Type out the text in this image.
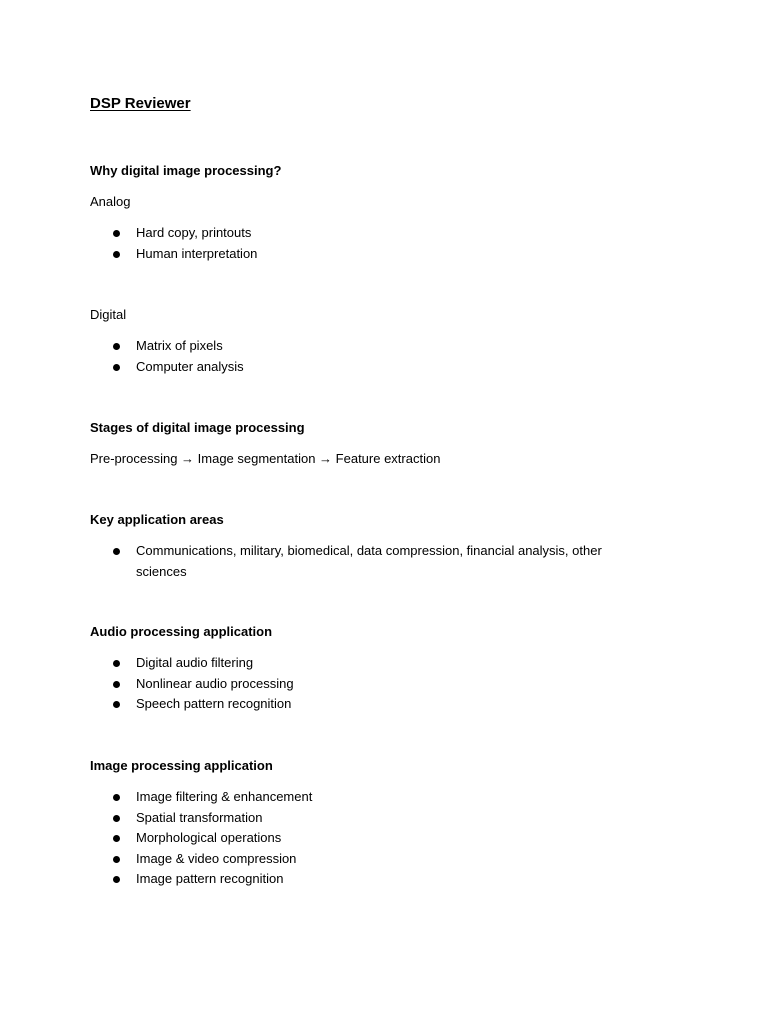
DSP Reviewer
Why digital image processing?
Analog
Hard copy, printouts
Human interpretation
Digital
Matrix of pixels
Computer analysis
Stages of digital image processing
Pre-processing → Image segmentation → Feature extraction
Key application areas
Communications, military, biomedical, data compression, financial analysis, other sciences
Audio processing application
Digital audio filtering
Nonlinear audio processing
Speech pattern recognition
Image processing application
Image filtering & enhancement
Spatial transformation
Morphological operations
Image & video compression
Image pattern recognition
